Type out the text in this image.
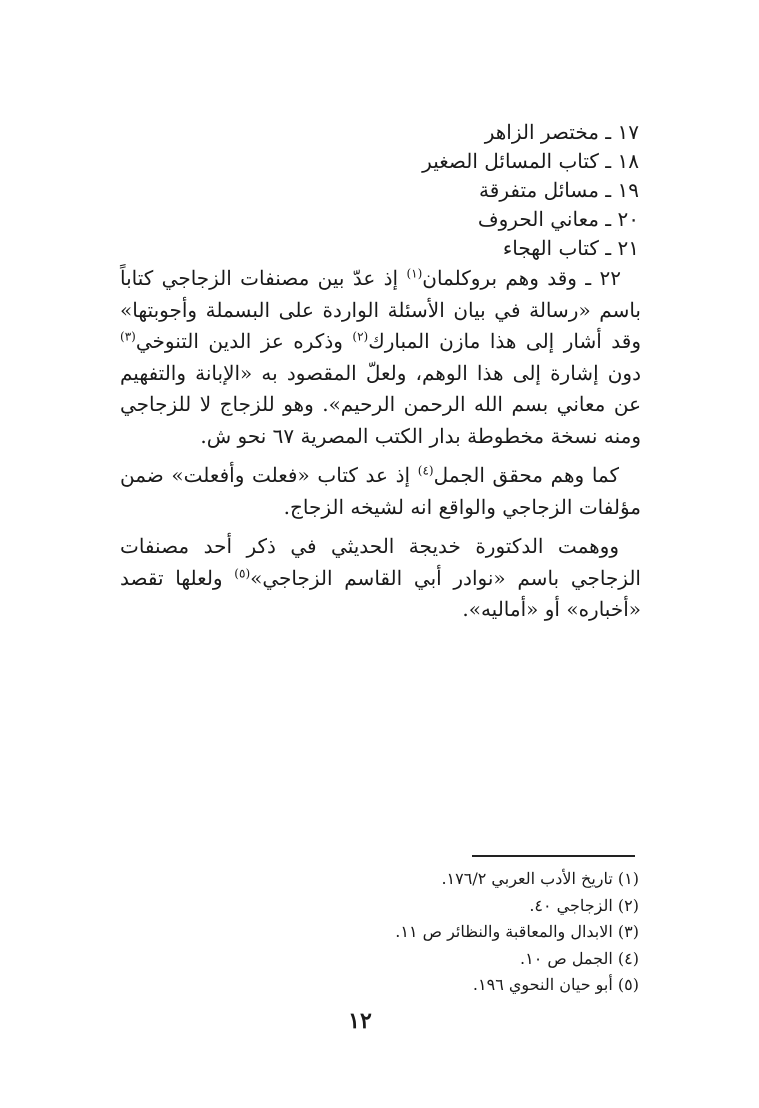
١٧ ـ مختصر الزاهر
١٨ ـ كتاب المسائل الصغير
١٩ ـ مسائل متفرقة
٢٠ ـ معاني الحروف
٢١ ـ كتاب الهجاء

٢٢ ـ وقد وهم بروكلمان$^{(١)}$ إذ عدّ بين مصنفات الزجاجي كتاباً باسم «رسالة في بيان الأسئلة الواردة على البسملة وأجوبتها» وقد أشار إلى هذا مازن المبارك$^{(٢)}$ وذكره عز الدين التنوخي$^{(٣)}$ دون إشارة إلى هذا الوهم، ولعلّ المقصود به «الإبانة والتفهيم عن معاني بسم الله الرحمن الرحيم». وهو للزجاج لا للزجاجي ومنه نسخة مخطوطة بدار الكتب المصرية ٦٧ نحو ش.

كما وهم محقق الجمل$^{(٤)}$ إذ عد كتاب «فعلت وأفعلت» ضمن مؤلفات الزجاجي والواقع انه لشيخه الزجاج.

ووهمت الدكتورة خديجة الحديثي في ذكر أحد مصنفات الزجاجي باسم «نوادر أبي القاسم الزجاجي»$^{(٥)}$ ولعلها تقصد «أخباره» أو «أماليه».

(١) تاريخ الأدب العربي ١٧٦/٢.
(٢) الزجاجي ٤٠.
(٣) الابدال والمعاقبة والنظائر ص ١١.
(٤) الجمل ص ١٠.
(٥) أبو حيان النحوي ١٩٦.
١٢
